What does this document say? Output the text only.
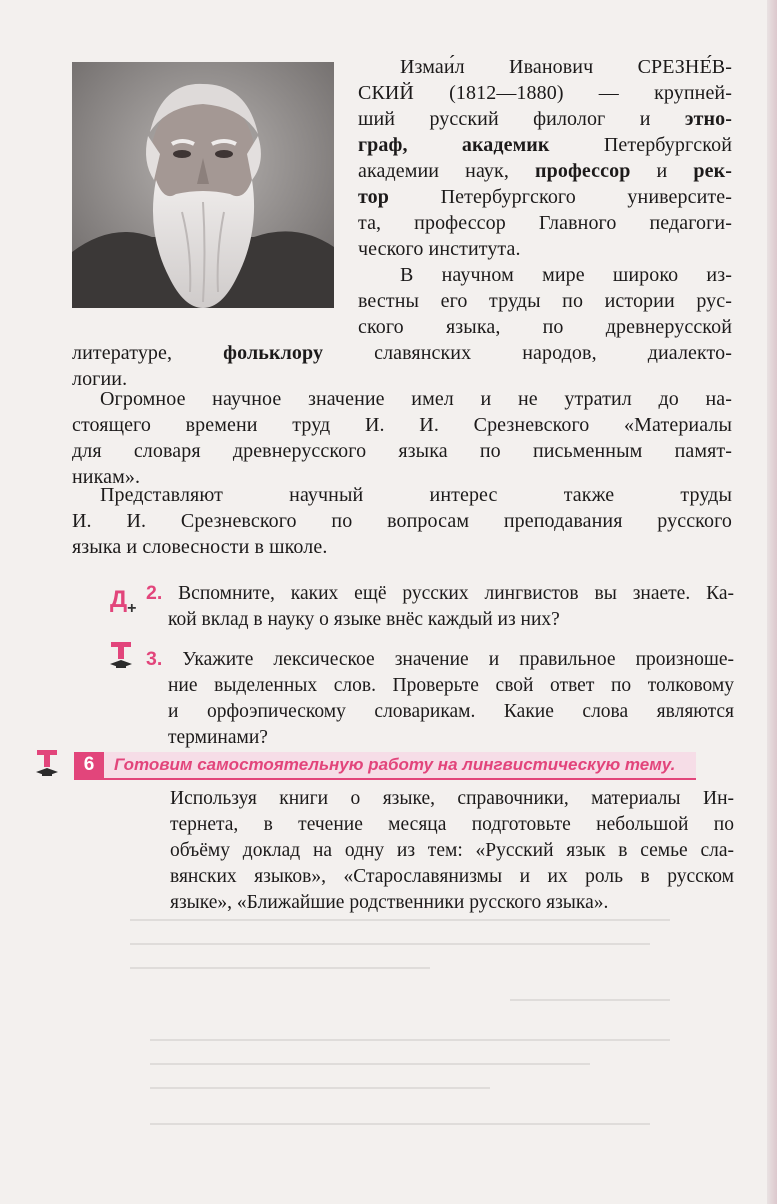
Измаи́л Иванович СРЕЗНЕ́В-
СКИЙ (1812—1880) — крупней-
ший русский филолог и этно-
граф, академик Петербургской
академии наук, профессор и рек-
тор Петербургского университе-
та, профессор Главного педагоги-
ческого института.
В научном мире широко из-
вестны его труды по истории рус-
ского языка, по древнерусской
литературе, фольклору славянских народов, диалекто-
логии.
Огромное научное значение имел и не утратил до на-
стоящего времени труд И. И. Срезневского «Материалы
для словаря древнерусского языка по письменным памят-
никам».
Представляют научный интерес также труды
И. И. Срезневского по вопросам преподавания русского
языка и словесности в школе.
$Д_+$
2. Вспомните, каких ещё русских лингвистов вы знаете. Ка-
кой вклад в науку о языке внёс каждый из них?
3. Укажите лексическое значение и правильное произноше-
ние выделенных слов. Проверьте свой ответ по толковому
и орфоэпическому словарикам. Какие слова являются
терминами?
6	Готовим самостоятельную работу на лингвистическую тему.
Используя книги о языке, справочники, материалы Ин-
тернета, в течение месяца подготовьте небольшой по
объёму доклад на одну из тем: «Русский язык в семье сла-
вянских языков», «Старославянизмы и их роль в русском
языке», «Ближайшие родственники русского языка».
